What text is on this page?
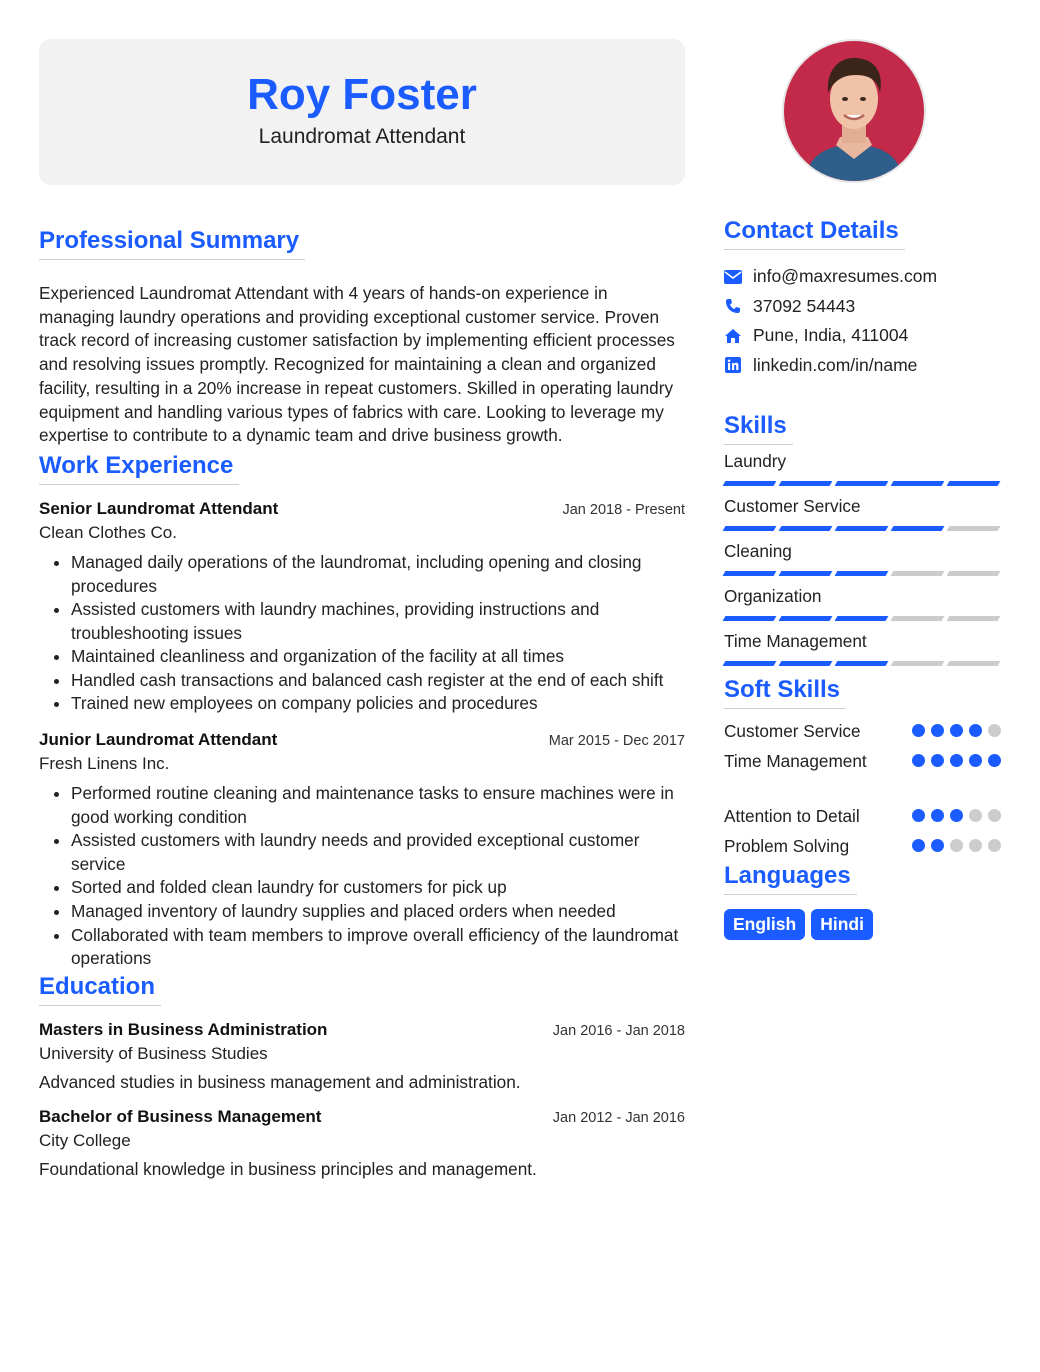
Roy Foster
Laundromat Attendant
Professional Summary
Experienced Laundromat Attendant with 4 years of hands-on experience in managing laundry operations and providing exceptional customer service. Proven track record of increasing customer satisfaction by implementing efficient processes and resolving issues promptly. Recognized for maintaining a clean and organized facility, resulting in a 20% increase in repeat customers. Skilled in operating laundry equipment and handling various types of fabrics with care. Looking to leverage my expertise to contribute to a dynamic team and drive business growth.
Work Experience
Senior Laundromat Attendant	Jan 2018 - Present
Clean Clothes Co.
• Managed daily operations of the laundromat, including opening and closing procedures
• Assisted customers with laundry machines, providing instructions and troubleshooting issues
• Maintained cleanliness and organization of the facility at all times
• Handled cash transactions and balanced cash register at the end of each shift
• Trained new employees on company policies and procedures
Junior Laundromat Attendant	Mar 2015 - Dec 2017
Fresh Linens Inc.
• Performed routine cleaning and maintenance tasks to ensure machines were in good working condition
• Assisted customers with laundry needs and provided exceptional customer service
• Sorted and folded clean laundry for customers for pick up
• Managed inventory of laundry supplies and placed orders when needed
• Collaborated with team members to improve overall efficiency of the laundromat operations
Education
Masters in Business Administration	Jan 2016 - Jan 2018
University of Business Studies
Advanced studies in business management and administration.
Bachelor of Business Management	Jan 2012 - Jan 2016
City College
Foundational knowledge in business principles and management.
Contact Details
info@maxresumes.com
37092 54443
Pune, India, 411004
linkedin.com/in/name
Skills
Laundry
Customer Service
Cleaning
Organization
Time Management
Soft Skills
Customer Service
Time Management
Attention to Detail
Problem Solving
Languages
English	Hindi
